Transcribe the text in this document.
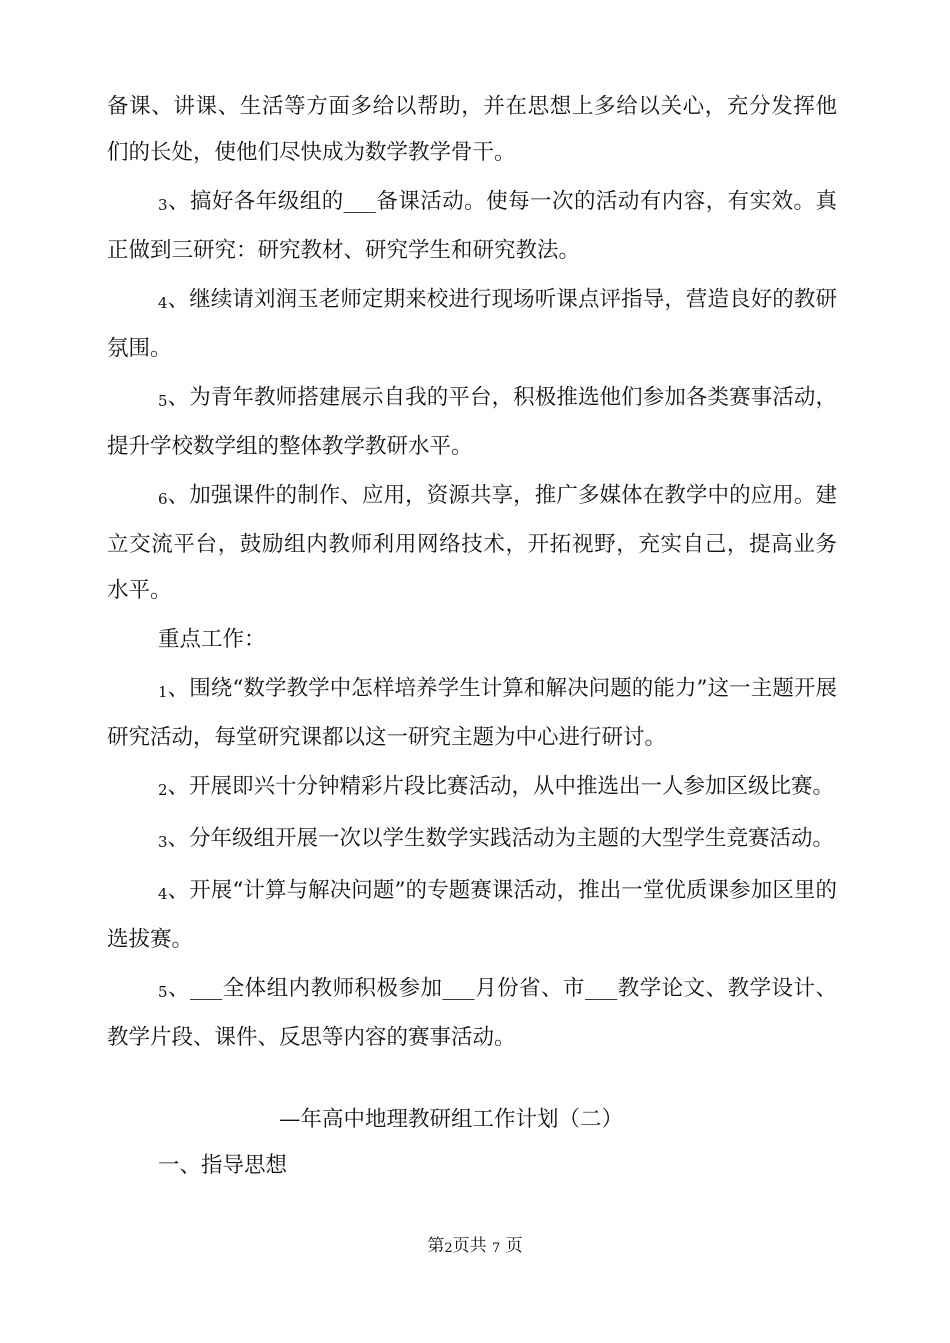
备课、讲课、生活等方面多给以帮助，并在思想上多给以关心，充分发挥他们的长处，使他们尽快成为数学教学骨干。

3、搞好各年级组的___备课活动。使每一次的活动有内容，有实效。真正做到三研究：研究教材、研究学生和研究教法。

4、继续请刘润玉老师定期来校进行现场听课点评指导，营造良好的教研氛围。

5、为青年教师搭建展示自我的平台，积极推选他们参加各类赛事活动，提升学校数学组的整体教学教研水平。

6、加强课件的制作、应用，资源共享，推广多媒体在教学中的应用。建立交流平台，鼓励组内教师利用网络技术，开拓视野，充实自己，提高业务水平。

重点工作：

1、围绕“数学教学中怎样培养学生计算和解决问题的能力”这一主题开展研究活动，每堂研究课都以这一研究主题为中心进行研讨。

2、开展即兴十分钟精彩片段比赛活动，从中推选出一人参加区级比赛。

3、分年级组开展一次以学生数学实践活动为主题的大型学生竞赛活动。

4、开展“计算与解决问题”的专题赛课活动，推出一堂优质课参加区里的选拔赛。

5、___全体组内教师积极参加___月份省、市___教学论文、教学设计、教学片段、课件、反思等内容的赛事活动。

—年高中地理教研组工作计划（二）
一、指导思想
第2页共 7 页
